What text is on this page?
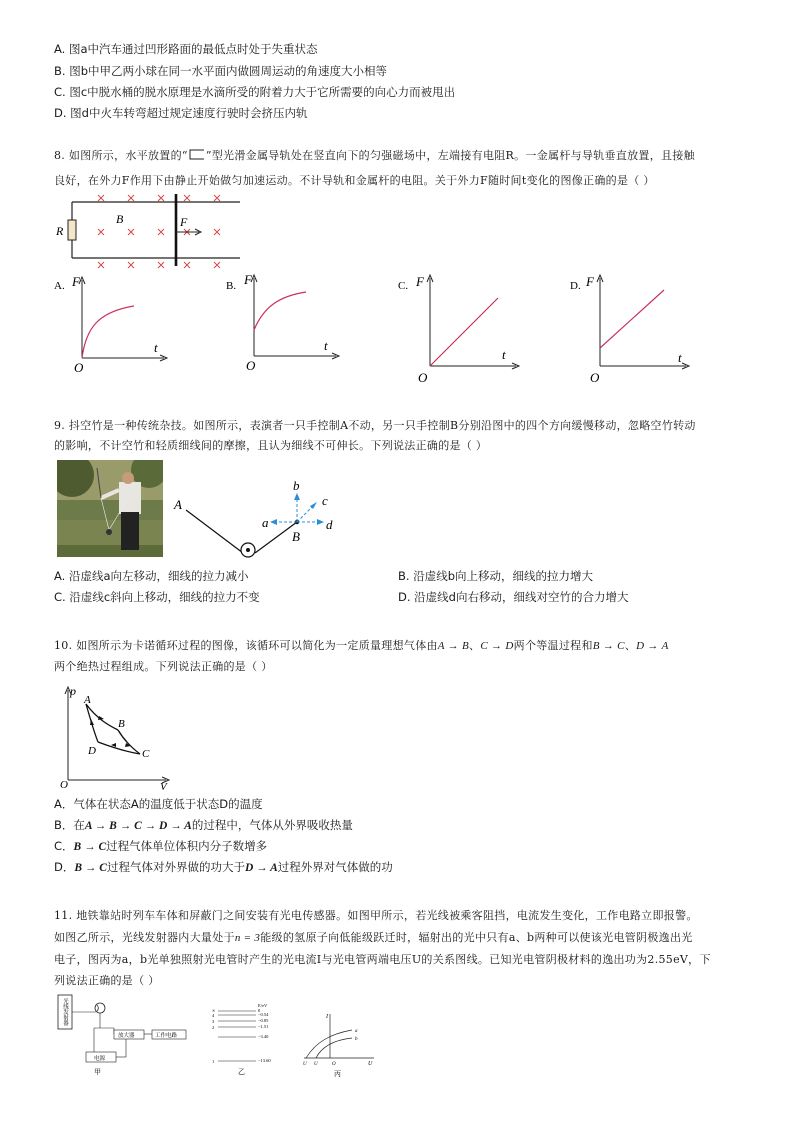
A. 图a中汽车通过凹形路面的最低点时处于失重状态
B. 图b中甲乙两小球在同一水平面内做圆周运动的角速度大小相等
C. 图c中脱水桶的脱水原理是水滴所受的附着力大于它所需要的向心力而被甩出
D. 图d中火车转弯超过规定速度行驶时会挤压内轨
8. 如图所示，水平放置的“ ”型光滑金属导轨处在竖直向下的匀强磁场中，左端接有电阻R。一金属杆与导轨垂直放置，且接触
良好，在外力F作用下由静止开始做匀加速运动。不计导轨和金属杆的电阻。关于外力F随时间t变化的图像正确的是（ ）
R
B	F
A. F
t
O
B. F
t
O
C. F
t
O
D. F
t
O
9. 抖空竹是一种传统杂技。如图所示，表演者一只手控制A不动，另一只手控制B分别沿图中的四个方向缓慢移动，忽略空竹转动
的影响，不计空竹和轻质细线间的摩擦，且认为细线不可伸长。下列说法正确的是（ ）
A
b
c
a	d
B
A. 沿虚线a向左移动，细线的拉力减小	B. 沿虚线b向上移动，细线的拉力增大
C. 沿虚线c斜向上移动，细线的拉力不变	D. 沿虚线d向右移动，细线对空竹的合力增大
10. 如图所示为卡诺循环过程的图像，该循环可以简化为一定质量理想气体由A → B、C → D两个等温过程和B → C、D → A
两个绝热过程组成。下列说法正确的是（ ）
p
A
B
C
D
O	V
A．气体在状态A的温度低于状态D的温度
B．在A → B → C → D → A的过程中，气体从外界吸收热量
C．B → C过程气体单位体积内分子数增多
D．B → C过程气体对外界做的功大于D → A过程外界对气体做的功
11. 地铁靠站时列车车体和屏蔽门之间安装有光电传感器。如图甲所示，若光线被乘客阻挡，电流发生变化，工作电路立即报警。
如图乙所示，光线发射器内大量处于n = 3能级的氢原子向低能级跃迁时，辐射出的光中只有a、b两种可以使该光电管阴极逸出光
电子，图丙为a，b光单独照射光电管时产生的光电流I与光电管两端电压U的关系图线。已知光电管阴极材料的逸出功为2.55eV，下
列说法正确的是（ ）
光线发射器
放大器	工作电路
电源
甲
E/eV
∞
4
3
2
1
0
−0.54
−0.85
−1.51
−3.40
−13.60
乙
I
a
b
U U	O	U
丙
